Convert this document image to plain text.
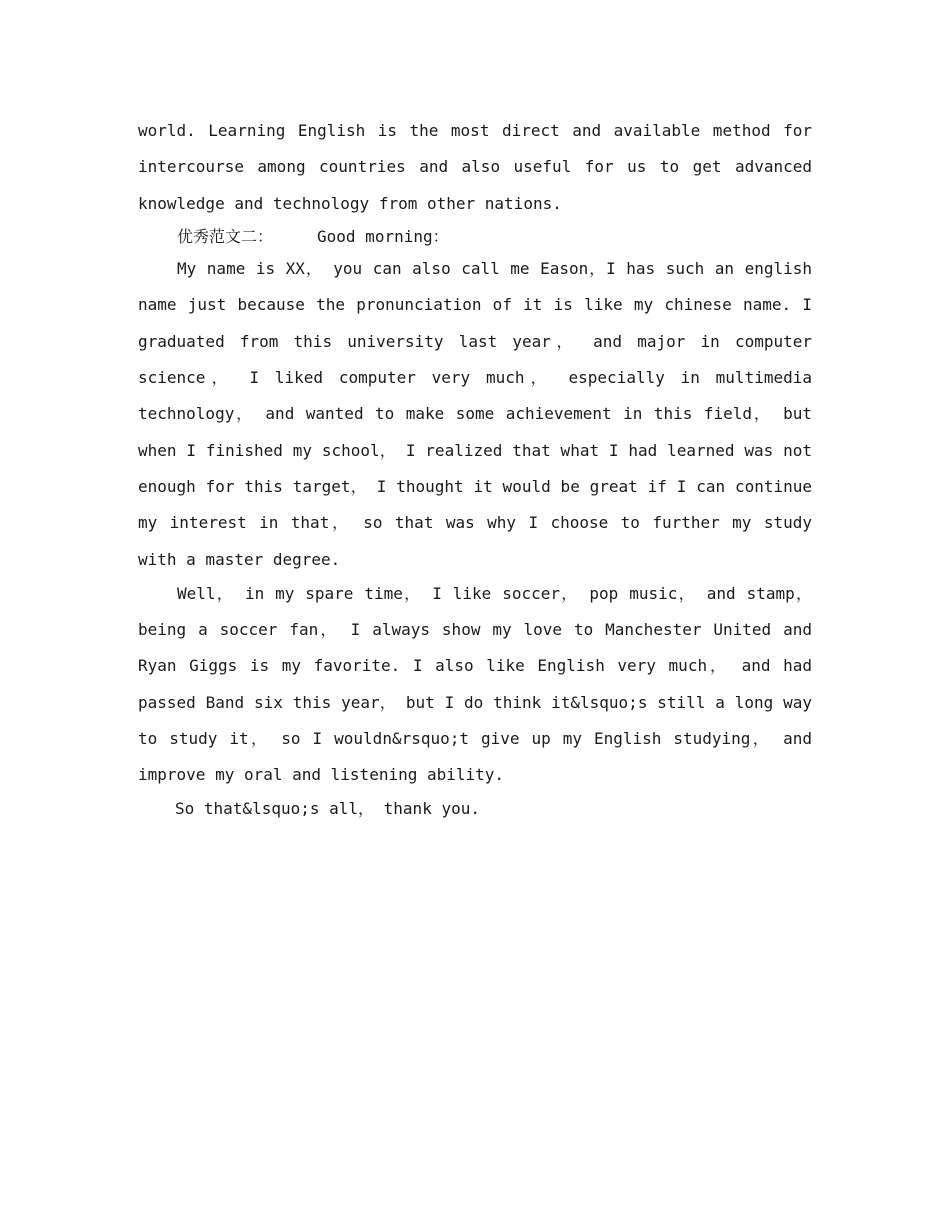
world. Learning English is the most direct and available method for intercourse among countries and also useful for us to get advanced knowledge and technology from other nations.

优秀范文二：	Good morning：

My name is XX， you can also call me Eason，I has such an english name just because the pronunciation of it is like my chinese name. I graduated from this university last year， and major in computer science， I liked computer very much， especially in multimedia technology， and wanted to make some achievement in this field， but when I finished my school， I realized that what I had learned was not enough for this target， I thought it would be great if I can continue my interest in that， so that was why I choose to further my study with a master degree.

Well， in my spare time， I like soccer， pop music， and stamp， being a soccer fan， I always show my love to Manchester United and Ryan Giggs is my favorite. I also like English very much， and had passed Band six this year， but I do think it&lsquo;s still a long way to study it， so I wouldn&rsquo;t give up my English studying， and improve my oral and listening ability.

So that&lsquo;s all， thank you.
